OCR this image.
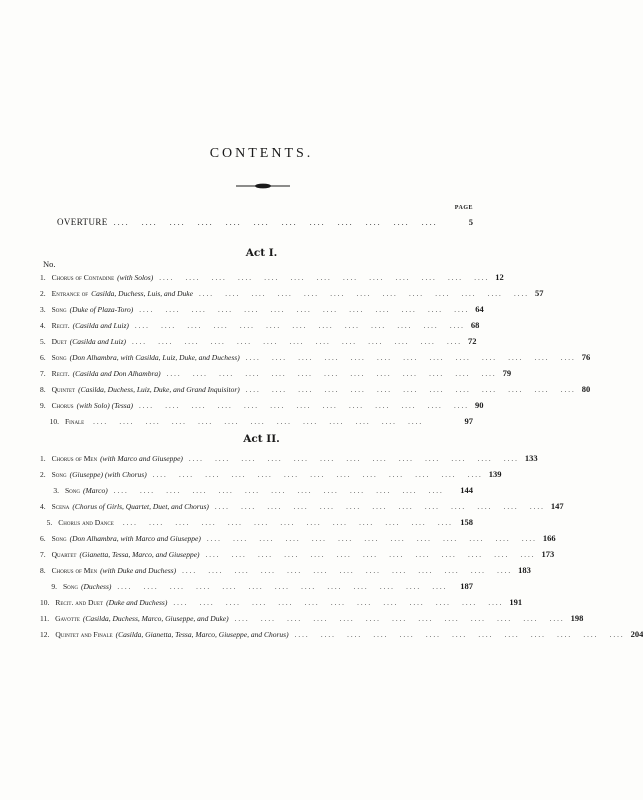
CONTENTS.
PAGE
OVERTURE ....   ....   ....   ....   ....   ....   ....   ....   ....   ....   ....   ....	5
Act I.
No.
1. Chorus of Contadine (with Solos) ....   ....   ....   ....   ....   ....   ....   ....   ....   ....   ....   ....   .... 12
2. Entrance of Casilda, Duchess, Luis, and Duke ....   ....   ....   ....   ....   ....   ....   ....   ....   ....   ....   ....   .... 57
3. Song (Duke of Plaza-Toro) ....   ....   ....   ....   ....   ....   ....   ....   ....   ....   ....   ....   .... 64
4. Recit. (Casilda and Luiz) ....   ....   ....   ....   ....   ....   ....   ....   ....   ....   ....   ....   .... 68
5. Duet (Casilda and Luiz) ....   ....   ....   ....   ....   ....   ....   ....   ....   ....   ....   ....   .... 72
6. Song (Don Alhambra, with Casilda, Luiz, Duke, and Duchess) ....   ....   ....   ....   ....   ....   ....   ....   ....   ....   ....   ....   .... 76
7. Recit. (Casilda and Don Alhambra) ....   ....   ....   ....   ....   ....   ....   ....   ....   ....   ....   ....   .... 79
8. Quintet (Casilda, Duchess, Luiz, Duke, and Grand Inquisitor) ....   ....   ....   ....   ....   ....   ....   ....   ....   ....   ....   ....   .... 80
9. Chorus (with Solo) (Tessa) ....   ....   ....   ....   ....   ....   ....   ....   ....   ....   ....   ....   .... 90
10. Finale ....   ....   ....   ....   ....   ....   ....   ....   ....   ....   ....   ....   ....	97
Act II.
1. Chorus of Men (with Marco and Giuseppe) ....   ....   ....   ....   ....   ....   ....   ....   ....   ....   ....   ....   .... 133
2. Song (Giuseppe) (with Chorus) ....   ....   ....   ....   ....   ....   ....   ....   ....   ....   ....   ....   .... 139
3. Song (Marco) ....   ....   ....   ....   ....   ....   ....   ....   ....   ....   ....   ....   ....	144
4. Scena (Chorus of Girls, Quartet, Duet, and Chorus) ....   ....   ....   ....   ....   ....   ....   ....   ....   ....   ....   ....   .... 147
5. Chorus and Dance ....   ....   ....   ....   ....   ....   ....   ....   ....   ....   ....   ....   .... 158
6. Song (Don Alhambra, with Marco and Giuseppe) ....   ....   ....   ....   ....   ....   ....   ....   ....   ....   ....   ....   .... 166
7. Quartet (Gianetta, Tessa, Marco, and Giuseppe) ....   ....   ....   ....   ....   ....   ....   ....   ....   ....   ....   ....   .... 173
8. Chorus of Men (with Duke and Duchess) ....   ....   ....   ....   ....   ....   ....   ....   ....   ....   ....   ....   .... 183
9. Song (Duchess) ....   ....   ....   ....   ....   ....   ....   ....   ....   ....   ....   ....   ....	187
10. Recit. and Duet (Duke and Duchess) ....   ....   ....   ....   ....   ....   ....   ....   ....   ....   ....   ....   .... 191
11. Gavotte (Casilda, Duchess, Marco, Giuseppe, and Duke) ....   ....   ....   ....   ....   ....   ....   ....   ....   ....   ....   ....   .... 198
12. Quintet and Finale (Casilda, Gianetta, Tessa, Marco, Giuseppe, and Chorus) ....   ....   ....   ....   ....   ....   ....   ....   ....   ....   ....   ....   .... 204
